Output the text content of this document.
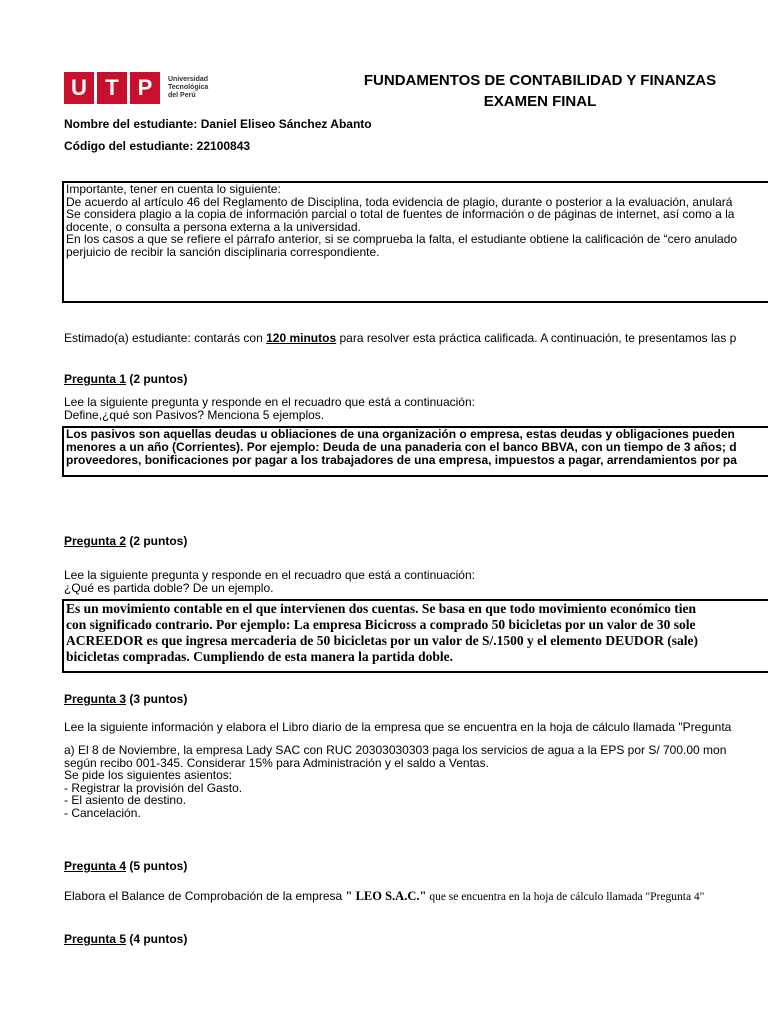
U T P	Universidad Tecnológica del Perú
FUNDAMENTOS DE CONTABILIDAD Y FINANZAS
EXAMEN FINAL
Nombre del estudiante: Daniel Eliseo Sánchez Abanto
Código del estudiante: 22100843
Importante, tener en cuenta lo siguiente:
De acuerdo al artículo 46 del Reglamento de Disciplina, toda evidencia de plagio, durante o posterior a la evaluación, anulará
Se considera plagio a la copia de información parcial o total de fuentes de información o de páginas de internet, así como a la
docente, o consulta a persona externa a la universidad.
En los casos a que se refiere el párrafo anterior, si se comprueba la falta, el estudiante obtiene la calificación de “cero anulado
perjuicio de recibir la sanción disciplinaria correspondiente.
Estimado(a) estudiante: contarás con 120 minutos para resolver esta práctica calificada. A continuación, te presentamos las p
Pregunta 1 (2 puntos)
Lee la siguiente pregunta y responde en el recuadro que está a continuación:
Define,¿qué son Pasivos? Menciona 5 ejemplos.
Los pasivos son aquellas deudas u obliaciones de una organización o empresa, estas deudas y obligaciones pueden
menores a un año (Corrientes). Por ejemplo: Deuda de una panaderia con el banco BBVA, con un tiempo de 3 años; d
proveedores, bonificaciones por pagar a los trabajadores de una empresa, impuestos a pagar, arrendamientos por pa
Pregunta 2 (2 puntos)
Lee la siguiente pregunta y responde en el recuadro que está a continuación:
¿Qué es partida doble? De un ejemplo.
Es un movimiento contable en el que intervienen dos cuentas. Se basa en que todo movimiento económico tien
con significado contrario. Por ejemplo: La empresa Bicicross a comprado 50 bicicletas por un valor de 30 sole
ACREEDOR es que ingresa mercaderia de 50 bicicletas por un valor de S/.1500 y el elemento DEUDOR (sale)
bicicletas compradas. Cumpliendo de esta manera la partida doble.
Pregunta 3 (3 puntos)
Lee la siguiente información y elabora el Libro diario de la empresa que se encuentra en la hoja de cálculo llamada "Pregunta
a) El 8 de Noviembre, la empresa Lady SAC con RUC 20303030303 paga los servicios de agua a la EPS por S/ 700.00 mon
según recibo 001-345. Considerar 15% para Administración y el saldo a Ventas.
Se pide los siguientes asientos:
- Registrar la provisión del Gasto.
- El asiento de destino.
- Cancelación.
Pregunta 4 (5 puntos)
Elabora el Balance de Comprobación de la empresa " LEO S.A.C." que se encuentra en la hoja de cálculo llamada "Pregunta 4"
Pregunta 5 (4 puntos)
